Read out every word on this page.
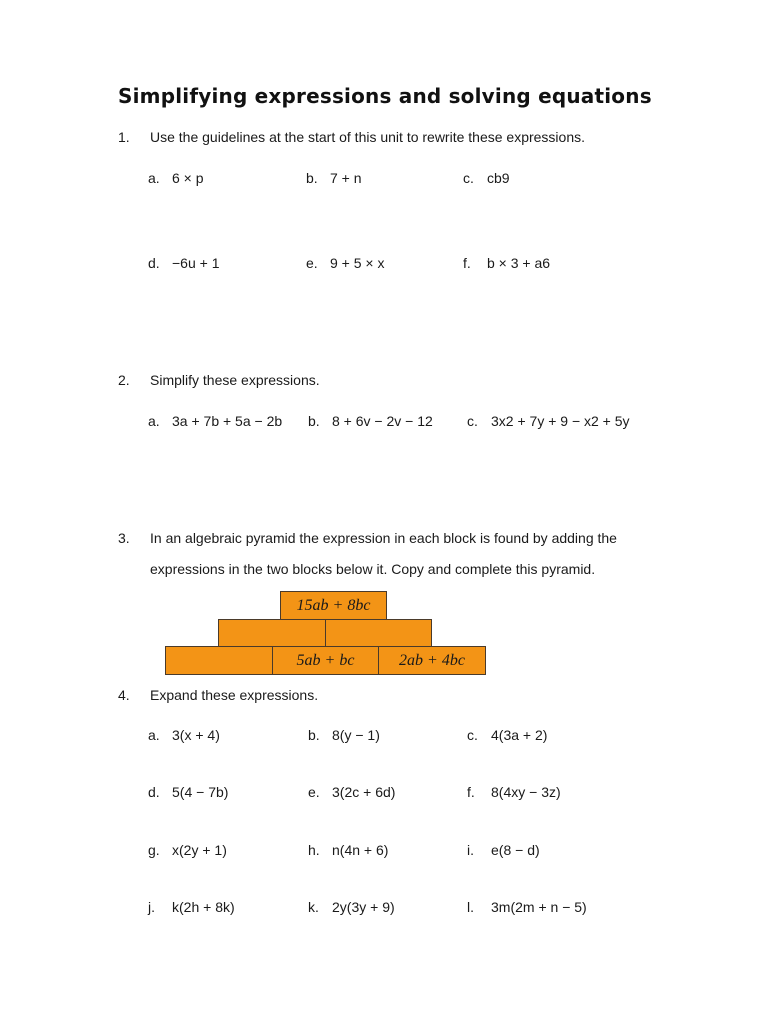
Simplifying expressions and solving equations
1. Use the guidelines at the start of this unit to rewrite these expressions.
a. 6 × p	b. 7 + n	c. cb9
d. −6u + 1	e. 9 + 5 × x	f. b × 3 + a6
2. Simplify these expressions.
a. 3a + 7b + 5a − 2b b. 8 + 6v − 2v − 12 c. 3x2 + 7y + 9 − x2 + 5y
3. In an algebraic pyramid the expression in each block is found by adding the
expressions in the two blocks below it. Copy and complete this pyramid.
15ab + 8bc
5ab + bc	2ab + 4bc
4. Expand these expressions.
a. 3(x + 4)	b. 8(y − 1)	c. 4(3a + 2)
d. 5(4 − 7b)	e. 3(2c + 6d)	f. 8(4xy − 3z)
g. x(2y + 1)	h. n(4n + 6)	i. e(8 − d)
j. k(2h + 8k)	k. 2y(3y + 9)	l. 3m(2m + n − 5)
